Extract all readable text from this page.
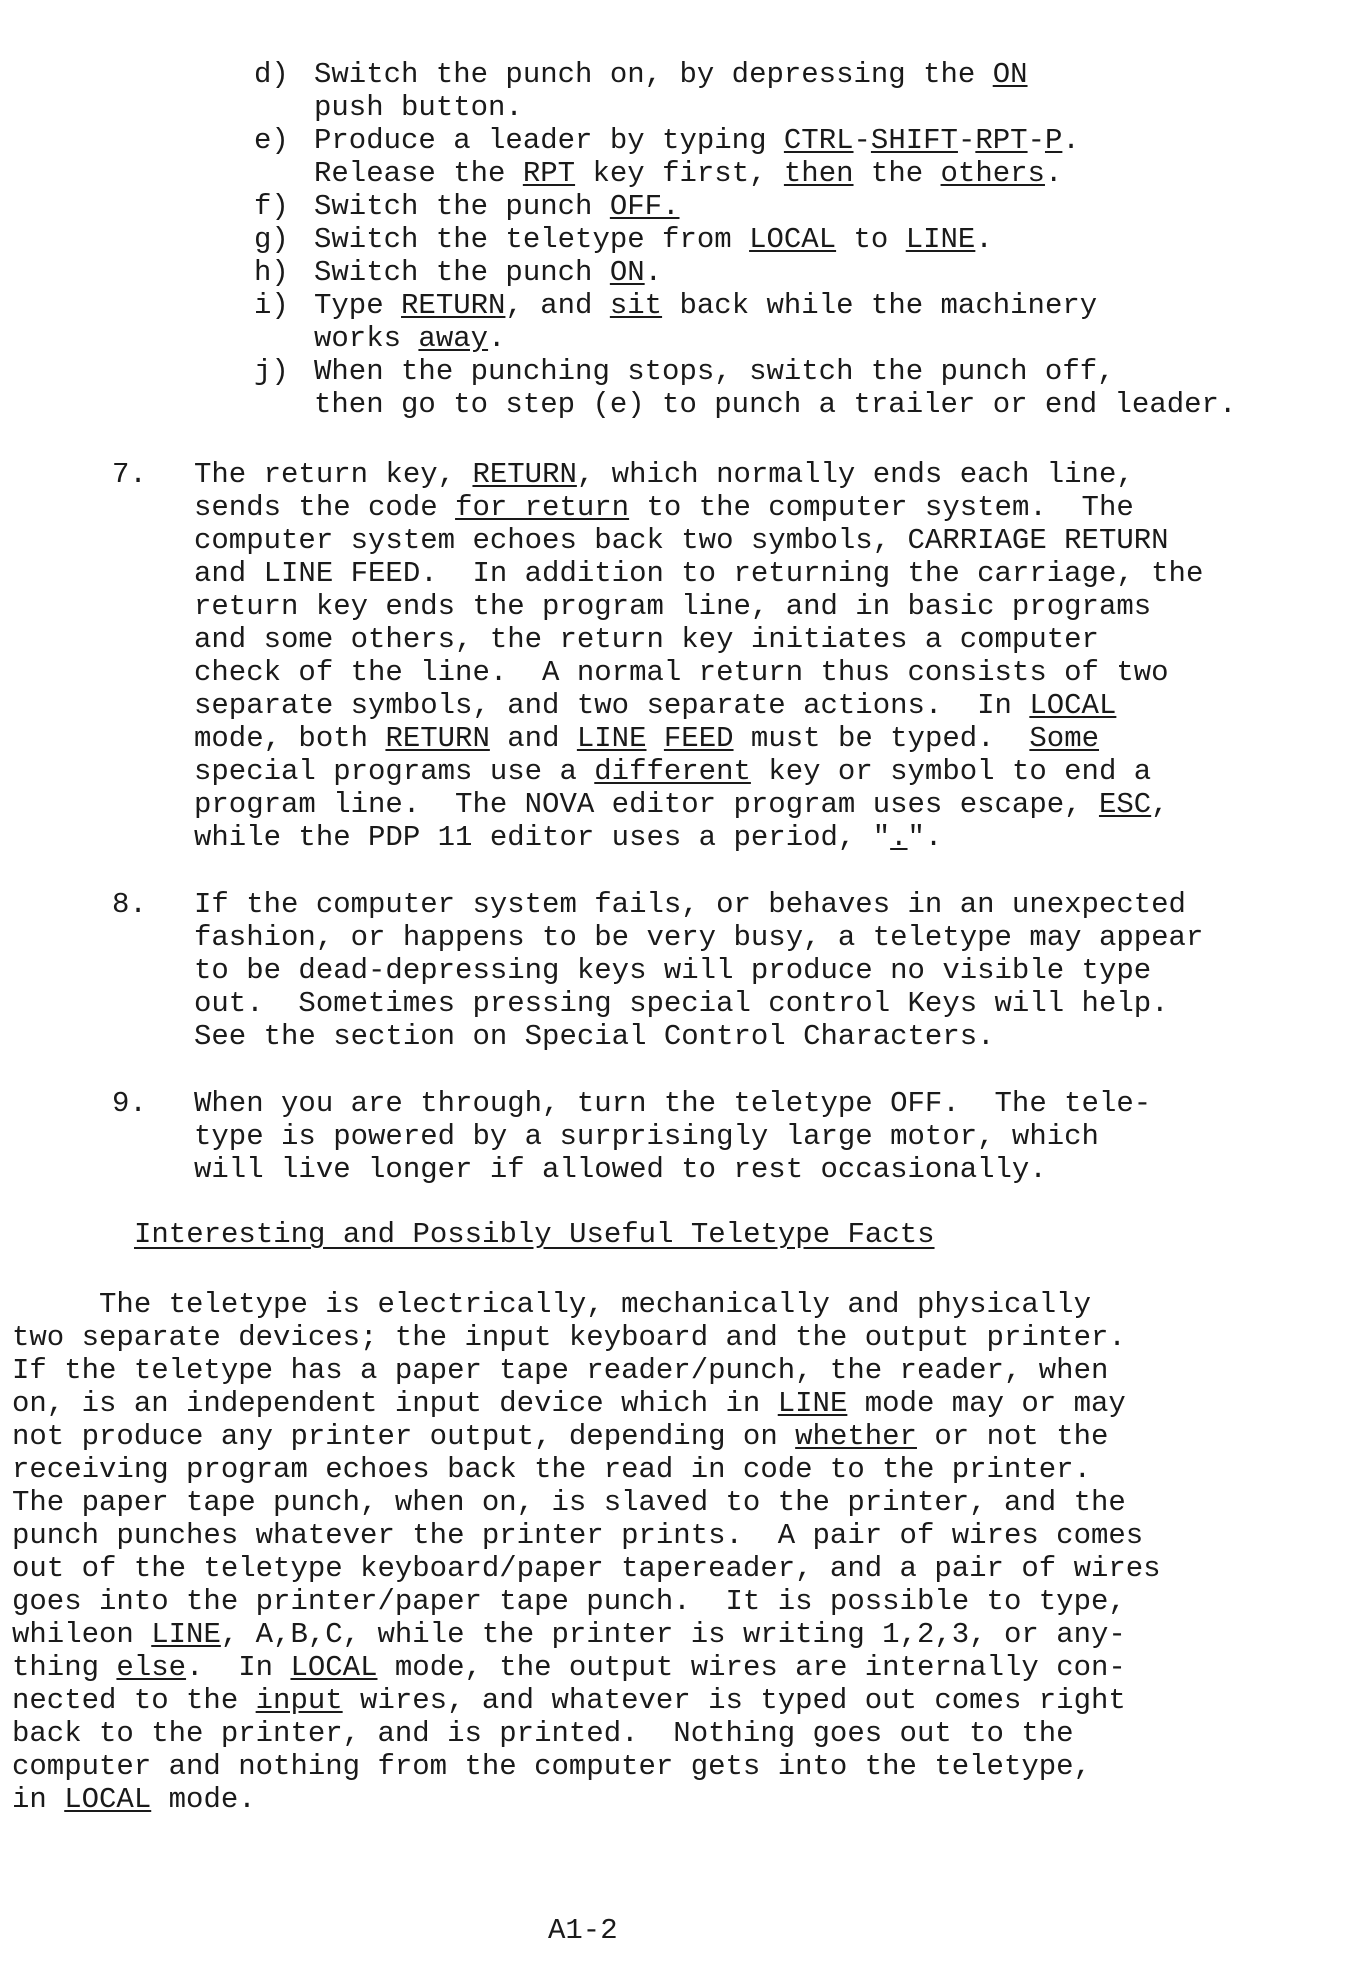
d) Switch the punch on, by depressing the ON
push button.
e) Produce a leader by typing CTRL-SHIFT-RPT-P.
Release the RPT key first, then the others.
f) Switch the punch OFF.
g) Switch the teletype from LOCAL to LINE.
h) Switch the punch ON.
i) Type RETURN, and sit back while the machinery
works away.
j) When the punching stops, switch the punch off,
then go to step (e) to punch a trailer or end leader.
7. The return key, RETURN, which normally ends each line,
sends the code for return to the computer system.  The
computer system echoes back two symbols, CARRIAGE RETURN
and LINE FEED.  In addition to returning the carriage, the
return key ends the program line, and in basic programs
and some others, the return key initiates a computer
check of the line.  A normal return thus consists of two
separate symbols, and two separate actions.  In LOCAL
mode, both RETURN and LINE FEED must be typed.  Some
special programs use a different key or symbol to end a
program line.  The NOVA editor program uses escape, ESC,
while the PDP 11 editor uses a period, ".".
8. If the computer system fails, or behaves in an unexpected
fashion, or happens to be very busy, a teletype may appear
to be dead-depressing keys will produce no visible type
out.  Sometimes pressing special control Keys will help.
See the section on Special Control Characters.
9. When you are through, turn the teletype OFF.  The tele-
type is powered by a surprisingly large motor, which
will live longer if allowed to rest occasionally.
Interesting and Possibly Useful Teletype Facts
The teletype is electrically, mechanically and physically
two separate devices; the input keyboard and the output printer.
If the teletype has a paper tape reader/punch, the reader, when
on, is an independent input device which in LINE mode may or may
not produce any printer output, depending on whether or not the
receiving program echoes back the read in code to the printer.
The paper tape punch, when on, is slaved to the printer, and the
punch punches whatever the printer prints.  A pair of wires comes
out of the teletype keyboard/paper tapereader, and a pair of wires
goes into the printer/paper tape punch.  It is possible to type,
whileon LINE, A,B,C, while the printer is writing 1,2,3, or any-
thing else.  In LOCAL mode, the output wires are internally con-
nected to the input wires, and whatever is typed out comes right
back to the printer, and is printed.  Nothing goes out to the
computer and nothing from the computer gets into the teletype,
in LOCAL mode.
A1-2
